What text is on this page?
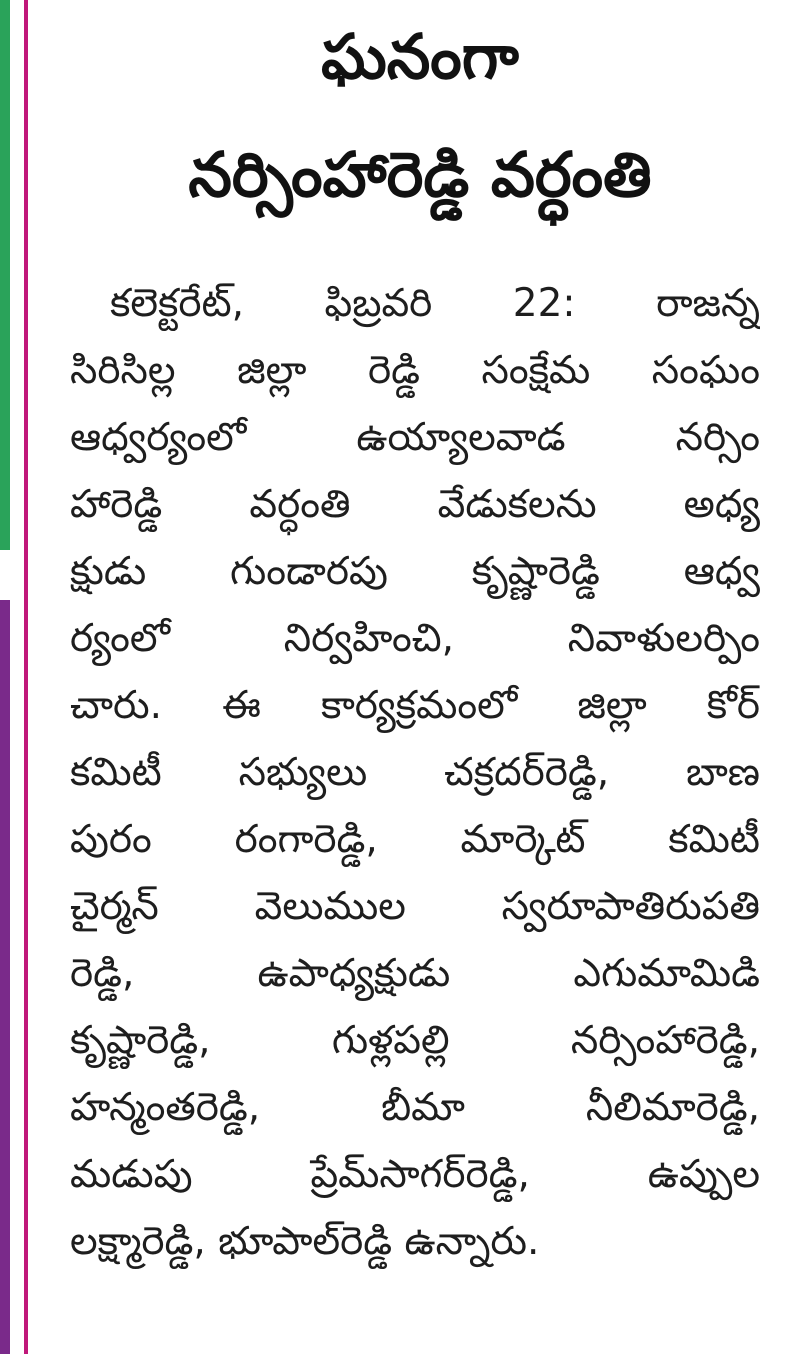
ఘనంగా
నర్సింహారెడ్డి వర్ధంతి
కలెక్టరేట్, ఫిబ్రవరి 22: రాజన్న
సిరిసిల్ల జిల్లా రెడ్డి సంక్షేమ సంఘం
ఆధ్వర్యంలో ఉయ్యాలవాడ నర్సిం
హారెడ్డి వర్ధంతి వేడుకలను అధ్య
క్షుడు గుండారపు కృష్ణారెడ్డి ఆధ్వ
ర్యంలో నిర్వహించి, నివాళులర్పిం
చారు. ఈ కార్యక్రమంలో జిల్లా కోర్
కమిటీ సభ్యులు చక్రదర్‌రెడ్డి, బాణ
పురం రంగారెడ్డి, మార్కెట్ కమిటీ
చైర్మన్ వెలుముల స్వరూపాతిరుపతి
రెడ్డి, ఉపాధ్యక్షుడు ఎగుమామిడి
కృష్ణారెడ్డి, గుళ్లపల్లి నర్సింహారెడ్డి,
హన్మంతరెడ్డి, బీమా నీలిమారెడ్డి,
మడుపు ప్రేమ్‌సాగర్‌రెడ్డి, ఉప్పుల
లక్ష్మారెడ్డి, భూపాల్‌రెడ్డి ఉన్నారు.
